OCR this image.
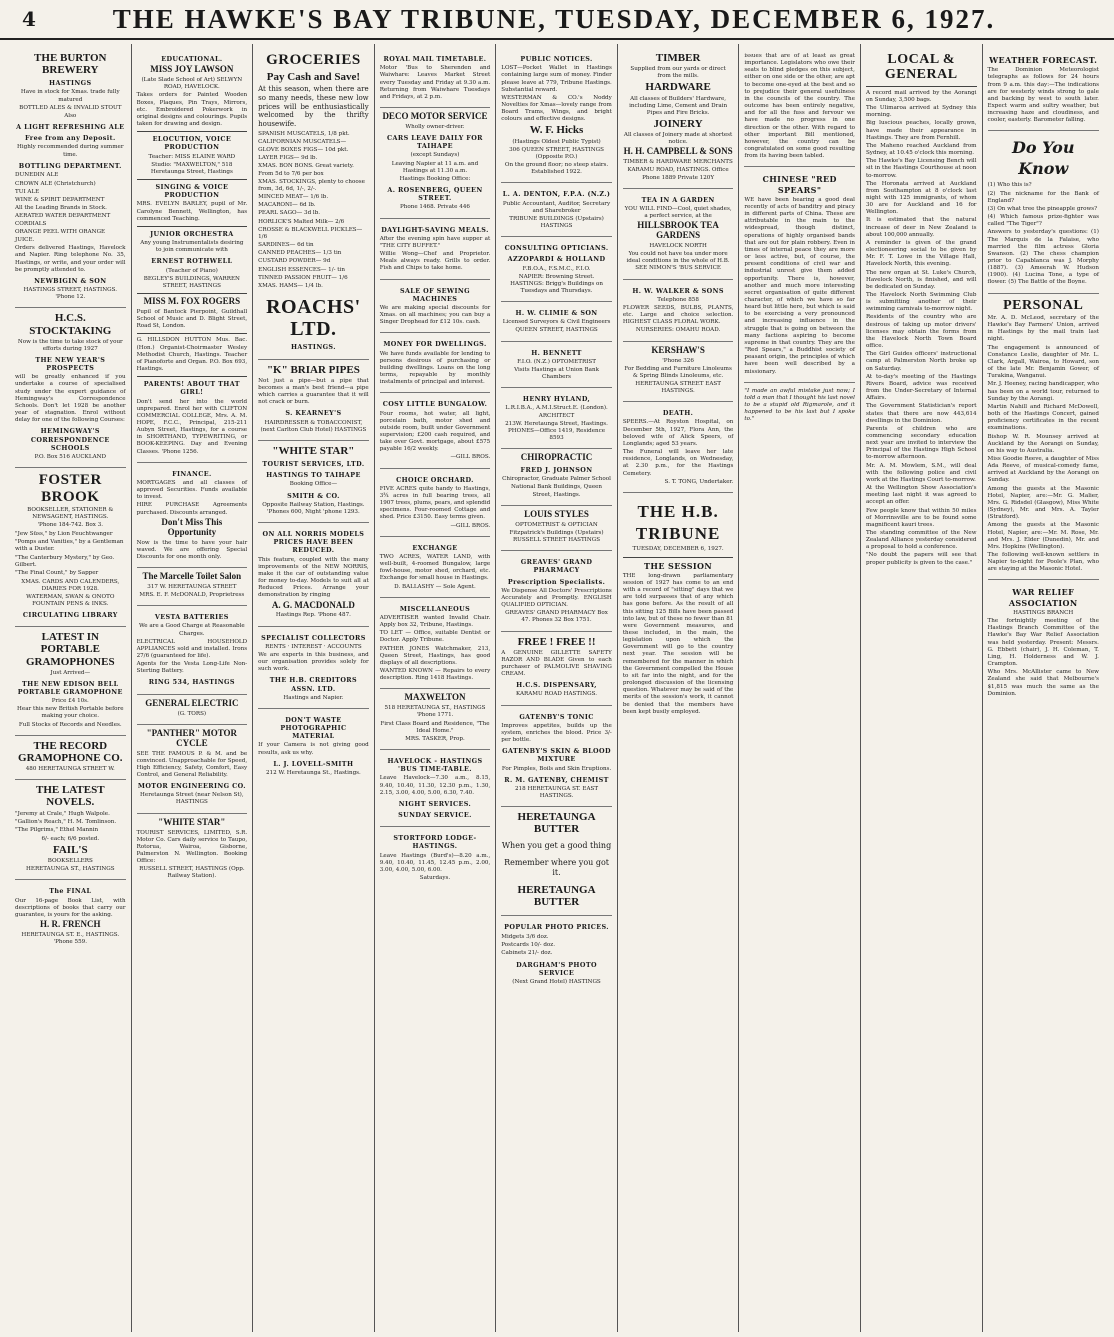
4	THE HAWKE'S BAY TRIBUNE, TUESDAY, DECEMBER 6, 1927.
THE BURTON BREWERY
HASTINGS

Have in stock for Xmas. trade fully matured

BOTTLED ALES & INVALID STOUT

Also

A LIGHT REFRESHING ALE
Free from any Deposit.

Highly recommended during summer time.

BOTTLING DEPARTMENT.
DUNEDIN ALE
CROWN ALE (Christchurch)
TUI ALE
WINE & SPIRIT DEPARTMENT
All the Leading Brands in Stock.
AERATED WATER DEPARTMENT
CORDIALS
ORANGE PEEL WITH ORANGE JUICE.

Orders delivered Hastings, Havelock and Napier. Ring telephone No. 35, Hastings, or write, and your order will be promptly attended to.

NEWBIGIN & SON

HASTINGS STREET, HASTINGS. 'Phone 12.

H.C.S. STOCKTAKING

Now is the time to take stock of your efforts during 1927

THE NEW YEAR'S PROSPECTS

will be greatly enhanced if you undertake a course of specialised study under the expert guidance of Hemingway's Correspondence Schools. Don't let 1928 be another year of stagnation. Enrol without delay for one of the following Courses:

HEMINGWAY'S CORRESPONDENCE SCHOOLS

P.O. Box 516 AUCKLAND

FOSTER BROOK

BOOKSELLER, STATIONER & NEWSAGENT, HASTINGS.

'Phone 184-742. Box 3.

"Jew Süss," by Lion Feuchtwanger
"Pomps and Vanities," by a Gentleman with a Duster.
"The Canterbury Mystery," by Geo. Gilbert.
"The Final Count," by Sapper

XMAS. CARDS AND CALENDERS, DIARIES FOR 1928.

WATERMAN, SWAN & ONOTO FOUNTAIN PENS & INKS.

CIRCULATING LIBRARY
LATEST IN PORTABLE GRAMOPHONES

Just Arrived—

THE NEW EDISON BELL PORTABLE GRAMOPHONE

Price £4 10s.

Hear this new British Portable before making your choice.

Full Stocks of Records and Needles.

THE RECORD GRAMOPHONE CO.

480 HERETAUNGA STREET W.

THE LATEST NOVELS.
"Jeremy at Crale," Hugh Walpole.
"Gallion's Reach," H. M. Tomlinson.
"The Pilgrims," Ethel Mannin

6/- each; 6/6 posted.

FAIL'S

BOOKSELLERS

HERETAUNGA ST., HASTINGS

The FINAL

Our 16-page Book List, with descriptions of books that carry our guarantee, is yours for the asking.

H. R. FRENCH

HERETAUNGA ST. E., HASTINGS. 'Phone 559.

EDUCATIONAL.
MISS JOY LAWSON

(Late Slade School of Art) SELWYN ROAD, HAVELOCK.

Takes orders for Painted Wooden Boxes, Plaques, Pin Trays, Mirrors, etc. Embroidered Pokerwork in original designs and colourings. Pupils taken for drawing and design.

ELOCUTION, VOICE PRODUCTION

Teacher: MISS ELAINE WARD

Studio: "MAXWELTON," 518 Heretaunga Street, Hastings

SINGING & VOICE PRODUCTION

MRS. EVELYN BARLEY, pupil of Mr. Carolyne Bennett, Wellington, has commenced Teaching.

JUNIOR ORCHESTRA

Any young Instrumentalists desiring to join communicate with

ERNEST ROTHWELL

(Teacher of Piano)

BEGLEY'S BUILDINGS, WARREN STREET, HASTINGS

MISS M. FOX ROGERS

Pupil of Bantock Pierpoint, Guildhall School of Music and D. Blight Street, Road St, London.

G. HILLSDON HUTTON Mus. Bac. (Hon.) Organist-Choirmaster Wesley Methodist Church, Hastings. Teacher of Pianoforte and Organ. P.O. Box 693, Hastings.

PARENTS! ABOUT THAT GIRL!

Don't send her into the world unprepared. Enrol her with CLIFTON COMMERCIAL COLLEGE, Mrs. A. M. HOPE, F.C.C., Principal, 215-211 Aubyn Street, Hastings, for a course in SHORTHAND, TYPEWRITING, or BOOK-KEEPING. Day and Evening Classes. 'Phone 1256.

FINANCE.

MORTGAGES and all classes of approved Securities. Funds available to invest.

HIRE PURCHASE Agreements purchased. Discounts arranged.

Don't Miss This Opportunity

Now is the time to have your hair waved. We are offering Special Discounts for one month only.

The Marcelle Toilet Salon

317 W. HERETAUNGA STREET

MRS. E. F. McDONALD, Proprietress

VESTA BATTERIES

We are a Good Charge at Reasonable Charges.

ELECTRICAL HOUSEHOLD APPLIANCES sold and installed. Irons 27/6 (guaranteed for life).

Agents for the Vesta Long-Life Non-Sterting Battery.

RING 534, HASTINGS
GENERAL ELECTRIC

(G. TORS)

"PANTHER" MOTOR CYCLE

SEE THE FAMOUS P. & M. and be convinced. Unapproachable for Speed, High Efficiency, Safety, Comfort, Easy Control, and General Reliability.

MOTOR ENGINEERING CO.

Heretaunga Street (near Nelson St), HASTINGS

"WHITE STAR"

TOURIST SERVICES, LIMITED, S.R. Motor Co. Cars daily service to Taupo, Rotorua, Wairoa, Gisborne, Palmerston N. Wellington. Booking Office:

RUSSELL STREET, HASTINGS (Opp. Railway Station).

GROCERIES
Pay Cash and Save!

At this season, when there are so many needs, these new low prices will be enthusiastically welcomed by the thrifty housewife.

SPANISH MUSCATELS, 1/8 pkt.
CALIFORNIAN MUSCATELS—
GLOVE BOXES FIGS— 10d pkt.
LAYER FIGS— 9d lb.
XMAS. BON BONS. Great variety. From 5d to 7/6 per box
XMAS. STOCKINGS, plenty to choose from, 3d, 6d, 1/-, 2/-.
MINCED MEAT— 1/6 lb.
MACARONI— 6d lb.
PEARL SAGO— 3d lb.
HORLICK'S Malted Milk— 2/6
CROSSE & BLACKWELL PICKLES— 1/6
SARDINES— 6d tin
CANNED PEACHES— 1/3 tin
CUSTARD POWDER— 9d
ENGLISH ESSENCES— 1/- tin
TINNED PASSION FRUIT— 1/6
XMAS. HAMS— 1/4 lb.
ROACHS' LTD.
HASTINGS.
"K" BRIAR PIPES

Not just a pipe—but a pipe that becomes a man's best friend—a pipe which carries a guarantee that it will not crack or burn.

S. KEARNEY'S

HAIRDRESSER & TOBACCONIST, (next Carlton Club Hotel) HASTINGS

"WHITE STAR"
TOURIST SERVICES, LTD.
HASTINGS TO TAIHAPE

Booking Office—

SMITH & CO.

Opposite Railway Station, Hastings. 'Phones 600, Night 'phone 1293.

ON ALL NORRIS MODELS PRICES HAVE BEEN REDUCED.

This feature, coupled with the many improvements of the NEW NORRIS, make it the car of outstanding value for money to-day. Models to suit all at Reduced Prices. Arrange your demonstration by ringing

A. G. MACDONALD

Hastings Rep. 'Phone 487.

SPECIALIST COLLECTORS

RENTS · INTEREST · ACCOUNTS

We are experts in this business, and our organisation provides solely for such work.

THE H.B. CREDITORS ASSN. LTD.

Hastings and Napier.

DON'T WASTE PHOTOGRAPHIC MATERIAL

If your Camera is not giving good results, ask us why.

L. J. LOVELL-SMITH

212 W. Heretaunga St., Hastings.

ROYAL MAIL TIMETABLE.

Motor 'Bus to Sherenden and Waiwhare: Leaves Market Street every Tuesday and Friday at 9.30 a.m. Returning from Waiwhare Tuesdays and Fridays, at 2 p.m.

DECO MOTOR SERVICE

Wholly owner-driver.

CARS LEAVE DAILY FOR TAIHAPE

(except Sundays)

Leaving Napier at 11 a.m. and Hastings at 11.30 a.m.

Hastings Booking Office:

A. ROSENBERG, QUEEN STREET.

Phone 1468. Private 446

DAYLIGHT-SAVING MEALS.

After the evening spin have supper at "THE CITY BUFFET."

Willie Wong—Chef and Proprietor. Meals always ready. Grills to order. Fish and Chips to take home.

SALE OF SEWING MACHINES

We are making special discounts for Xmas. on all machines; you can buy a Singer Drophead for £12 10s. cash.

MONEY FOR DWELLINGS.

We have funds available for lending to persons desirous of purchasing or building dwellings. Loans on the long terms, repayable by monthly instalments of principal and interest.

COSY LITTLE BUNGALOW.

Four rooms, hot water, all light, porcelain bath, motor shed and outside room, built under Government supervision; £200 cash required, and take over Govt. mortgage, about £575 payable 16/2 weekly.

—GILL BROS.

CHOICE ORCHARD.

FIVE ACRES quite handy to Hastings, 3¾ acres in full bearing trees, all 1907 trees, plums, pears, and splendid specimens. Four-roomed Cottage and shed. Price £3150. Easy terms given.

—GILL BROS.

EXCHANGE

TWO ACRES, WATER LAND, with well-built, 4-roomed Bungalow, large fowl-house, motor shed, orchard, etc. Exchange for small house in Hastings.

D. BALLASHY — Sole Agent.

MISCELLANEOUS

ADVERTISER wanted Invalid Chair. Apply box 32, Tribune, Hastings.

TO LET — Office, suitable Dentist or Doctor. Apply Tribune.

FATHER JONES Watchmaker, 213, Queen Street, Hastings, has good displays of all descriptions.

WANTED KNOWN — Repairs to every description. Ring 1418 Hastings.

MAXWELTON

518 HERETAUNGA ST., HASTINGS 'Phone 1771.

First Class Board and Residence, "The Ideal Home."

MRS. TASKER, Prop.

HAVELOCK - HASTINGS 'BUS TIME-TABLE.

Leave Havelock—7.30 a.m., 8.15, 9.40, 10.40, 11.30, 12.30 p.m., 1.30, 2.15, 3.00, 4.00, 5.00, 6.30, 7.40.

NIGHT SERVICES.
SUNDAY SERVICE.
STORTFORD LODGE-HASTINGS.

Leave Hastings (Burd's)—8.20 a.m., 9.40, 10.40, 11.45, 12.45 p.m., 2.00, 3.00, 4.00, 5.00, 6.00.

Saturdays.

PUBLIC NOTICES.

LOST—Pocket Wallet in Hastings containing large sum of money. Finder please leave at 779, Tribune Hastings. Substantial reward.

WESTERMAN & CO.'s Noddy Novelties for Xmas—lovely range from Board Trams, Wings, and bright colours and effective designs.

W. F. Hicks

(Hastings Oldest Public Typist)

306 QUEEN STREET, HASTINGS (Opposite P.O.)

On the ground floor; no steep stairs. Established 1922.

L. A. DENTON, F.P.A. (N.Z.)

Public Accountant, Auditor, Secretary and Sharebroker

TRIBUNE BUILDINGS (Upstairs) HASTINGS

CONSULTING OPTICIANS.
AZZOPARDI & HOLLAND

F.B.O.A., F.S.M.C., F.I.O.

NAPIER: Browning Street. HASTINGS: Brigg's Buildings on Tuesdays and Thursdays.

H. W. CLIMIE & SON

Licensed Surveyors & Civil Engineers

QUEEN STREET, HASTINGS

H. BENNETT

F.I.O. (N.Z.) OPTOMETRIST

Visits Hastings at Union Bank Chambers

HENRY HYLAND,

L.R.I.B.A., A.M.I.Struct.E. (London). ARCHITECT

213W. Heretaunga Street, Hastings. PHONES—Office 1419, Residence 8593

CHIROPRACTIC
FRED J. JOHNSON

Chiropractor, Graduate Palmer School

National Bank Buildings, Queen Street, Hastings.

LOUIS STYLES

OPTOMETRIST & OPTICIAN

Fitzpatrick's Buildings (Upstairs) RUSSELL STREET HASTINGS

GREAVES' GRAND PHARMACY
Prescription Specialists.

We Dispense All Doctors' Prescriptions Accurately and Promptly. ENGLISH QUALIFIED OPTICIAN.

GREAVES' GRAND PHARMACY Box 47. Phones 32 Box 1751.

FREE ! FREE !!

A GENUINE GILLETTE SAFETY RAZOR AND BLADE Given to each purchaser of PALMOLIVE SHAVING CREAM.

H.C.S. DISPENSARY,

KARAMU ROAD HASTINGS.

GATENBY'S TONIC

Improves appetites, builds up the system, enriches the blood. Price 3/- per bottle.

GATENBY'S SKIN & BLOOD MIXTURE

For Pimples, Boils and Skin Eruptions.

R. M. GATENBY, CHEMIST

218 HERETAUNGA ST. EAST HASTINGS.

HERETAUNGA BUTTER

When you get a good thing

Remember where you got it.

HERETAUNGA BUTTER
POPULAR PHOTO PRICES.
Midgets 3/6 doz.
Postcards 10/- doz.
Cabinets 21/- doz.
DARGHAM'S PHOTO SERVICE

(Next Grand Hotel) HASTINGS

TIMBER

Supplied from our yards or direct from the mills.

HARDWARE

All classes of Builders' Hardware, including Lime, Cement and Drain Pipes and Fire Bricks.

JOINERY

All classes of Joinery made at shortest notice.

H. H. CAMPBELL & SONS

TIMBER & HARDWARE MERCHANTS

KARAMU ROAD, HASTINGS. Office Phone 1889 Private 120Y

TEA IN A GARDEN

YOU WILL FIND—Cool, quiet shades, a perfect service, at the

HILLSBROOK TEA GARDENS

HAVELOCK NORTH

You could not have tea under more ideal conditions in the whole of H.B. SEE NIMON'S 'BUS SERVICE

H. W. WALKER & SONS

Telephone 858

FLOWER SEEDS, BULBS, PLANTS, etc. Large and choice selection. HIGHEST CLASS FLORAL WORK.

NURSERIES: OMAHU ROAD.

KERSHAW'S

'Phone 326

For Bedding and Furniture Linoleums & Spring Blinds Linoleums, etc.

HERETAUNGA STREET EAST HASTINGS.

DEATH.

SPEERS.—At Royston Hospital, on December 5th, 1927, Flora Ann, the beloved wife of Alick Speers, of Longlands; aged 53 years.

The Funeral will leave her late residence, Longlands, on Wednesday, at 2.30 p.m., for the Hastings Cemetery.

S. T. TONG, Undertaker.

THE H.B. TRIBUNE

TUESDAY, DECEMBER 6, 1927.

THE SESSION

THE long-drawn parliamentary session of 1927 has come to an end with a record of "sitting" days that we are told surpasses that of any which has gone before. As the result of all this sitting 125 Bills have been passed into law, but of these no fewer than 81 were Government measures, and these included, in the main, the legislation upon which the Government will go to the country next year. The session will be remembered for the manner in which the Government compelled the House to sit far into the night, and for the prolonged discussion of the licensing question. Whatever may be said of the merits of the session's work, it cannot be denied that the members have been kept busily employed.

issues that are of at least as great importance. Legislators who owe their seats to blind pledges on this subject, either on one side or the other, are apt to become one-eyed at the best and so to prejudice their general usefulness in the councils of the country. The outcome has been entirely negative, and for all the fuss and fervour we have made no progress in one direction or the other. With regard to other important Bill mentioned, however, the country can be congratulated on some good resulting from its having been tabled.

CHINESE "RED SPEARS"

WE have been hearing a good deal recently of acts of banditry and piracy in different parts of China. These are attributable in the main to the widespread, though distinct, operations of highly organised bands that are out for plain robbery. Even in times of internal peace they are more or less active, but, of course, the present conditions of civil war and industrial unrest give them added opportunity. There is, however, another and much more interesting secret organisation of quite different character, of which we have so far heard but little here, but which is said to be exercising a very pronounced and increasing influence in the struggle that is going on between the many factions aspiring to become supreme in that country. They are the "Red Spears," a Buddhist society of peasant origin, the principles of which have been well described by a missionary.

"I made an awful mistake just now; I told a man that I thought his last novel to be a stupid old Rigmarole, and it happened to be his last but I spoke to."

LOCAL & GENERAL

A record mail arrived by the Aorangi on Sunday, 3,500 bags.

The Ulimaroa arrived at Sydney this morning.

Big luscious peaches, locally grown, have made their appearance in Hastings. They are from Fernhill.

The Maheno reached Auckland from Sydney, at 10.45 o'clock this morning.

The Hawke's Bay Licensing Bench will sit in the Hastings Courthouse at noon to-morrow.

The Horonata arrived at Auckland from Southampton at 8 o'clock last night with 125 immigrants, of whom 30 are for Auckland and 16 for Wellington.

It is estimated that the natural increase of deer in New Zealand is about 100,000 annually.

A reminder is given of the grand electioneering social to be given by Mr. F. T. Lowe in the Village Hall, Havelock North, this evening.

The new organ at St. Luke's Church, Havelock North, is finished, and will be dedicated on Sunday.

The Havelock North Swimming Club is submitting another of their swimming carnivals to-morrow night.

Residents of the country who are desirous of taking up motor drivers' licenses may obtain the forms from the Havelock North Town Board office.

The Girl Guides officers' instructional camp at Palmerston North broke up on Saturday.

At to-day's meeting of the Hastings Rivers Board, advice was received from the Under-Secretary of Internal Affairs.

The Government Statistician's report states that there are now 443,614 dwellings in the Dominion.

Parents of children who are commencing secondary education next year are invited to interview the Principal of the Hastings High School to-morrow afternoon.

Mr. A. M. Mowlem, S.M., will deal with the following police and civil work at the Hastings Court to-morrow.

At the Wellington Show Association's meeting last night it was agreed to accept an offer.

Few people know that within 50 miles of Morrinsville are to be found some magnificent kauri trees.

The standing committee of the New Zealand Alliance yesterday considered a proposal to hold a conference.

"No doubt the papers will see that proper publicity is given to the case."

WEATHER FORECAST.

The Dominion Meteorologist telegraphs as follows for 24 hours from 9 a.m. this day:—The indications are for westerly winds strong to gale and backing by west to south later. Expect warm and sultry weather, but increasing haze and cloudiness, and cooler, easterly. Barometer falling.

Do You Know

(1) Who this is?

(2) The nickname for the Bank of England?

(3) On what tree the pineapple grows?

(4) Which famous prize-fighter was called "The Tiger"?

Answers to yesterday's questions: (1) The Marquis de la Falaise, who married the film actress Gloria Swanson. (2) The chess champion prior to Capablanca was J. Morphy (1887). (3) Ameerah W. Hudson (1900). (4) Lucina Tone, a type of flower. (5) The Battle of the Boyne.

PERSONAL

Mr. A. D. McLeod, secretary of the Hawke's Bay Farmers' Union, arrived in Hastings by the mail train last night.

The engagement is announced of Constance Leslie, daughter of Mr. L. Clark, Argall, Wairoa, to Howard, son of the late Mr. Benjamin Gower, of Turakina, Wanganui.

Mr. J. Heeney, racing handicapper, who has been on a world tour, returned to Sunday by the Aorangi.

Martin Nahill and Richard McDowell, both of the Hastings Concert, gained proficiency certificates in the recent examinations.

Bishop W. R. Mounsey arrived at Auckland by the Aorangi on Sunday, on his way to Australia.

Miss Goodie Reeve, a daughter of Miss Ada Reeve, of musical-comedy fame, arrived at Auckland by the Aorangi on Sunday.

Among the guests at the Masonic Hotel, Napier, are:—Mr. G. Malier, Mrs. G. Ridsdel (Glasgow), Miss White (Sydney), Mr. and Mrs. A. Tayler (Stratford).

Among the guests at the Masonic Hotel, Napier, are:—Mr. M. Rose, Mr. and Mrs. J. Elder (Dunedin), Mr. and Mrs. Hopkins (Wellington).

The following well-known settlers in Napier to-night for Poole's Plan, who are staying at the Masonic Hotel.

WAR RELIEF ASSOCIATION

HASTINGS BRANCH

The fortnightly meeting of the Hastings Branch Committee of the Hawke's Bay War Relief Association was held yesterday. Present: Messrs. G. Ebbett (chair), J. H. Coleman, T. Ling, H. Holderness and W. J. Crampton.

Who Mrs. McAllister came to New Zealand she said that Melbourne's $1,815 was much the same as the Dominion.
